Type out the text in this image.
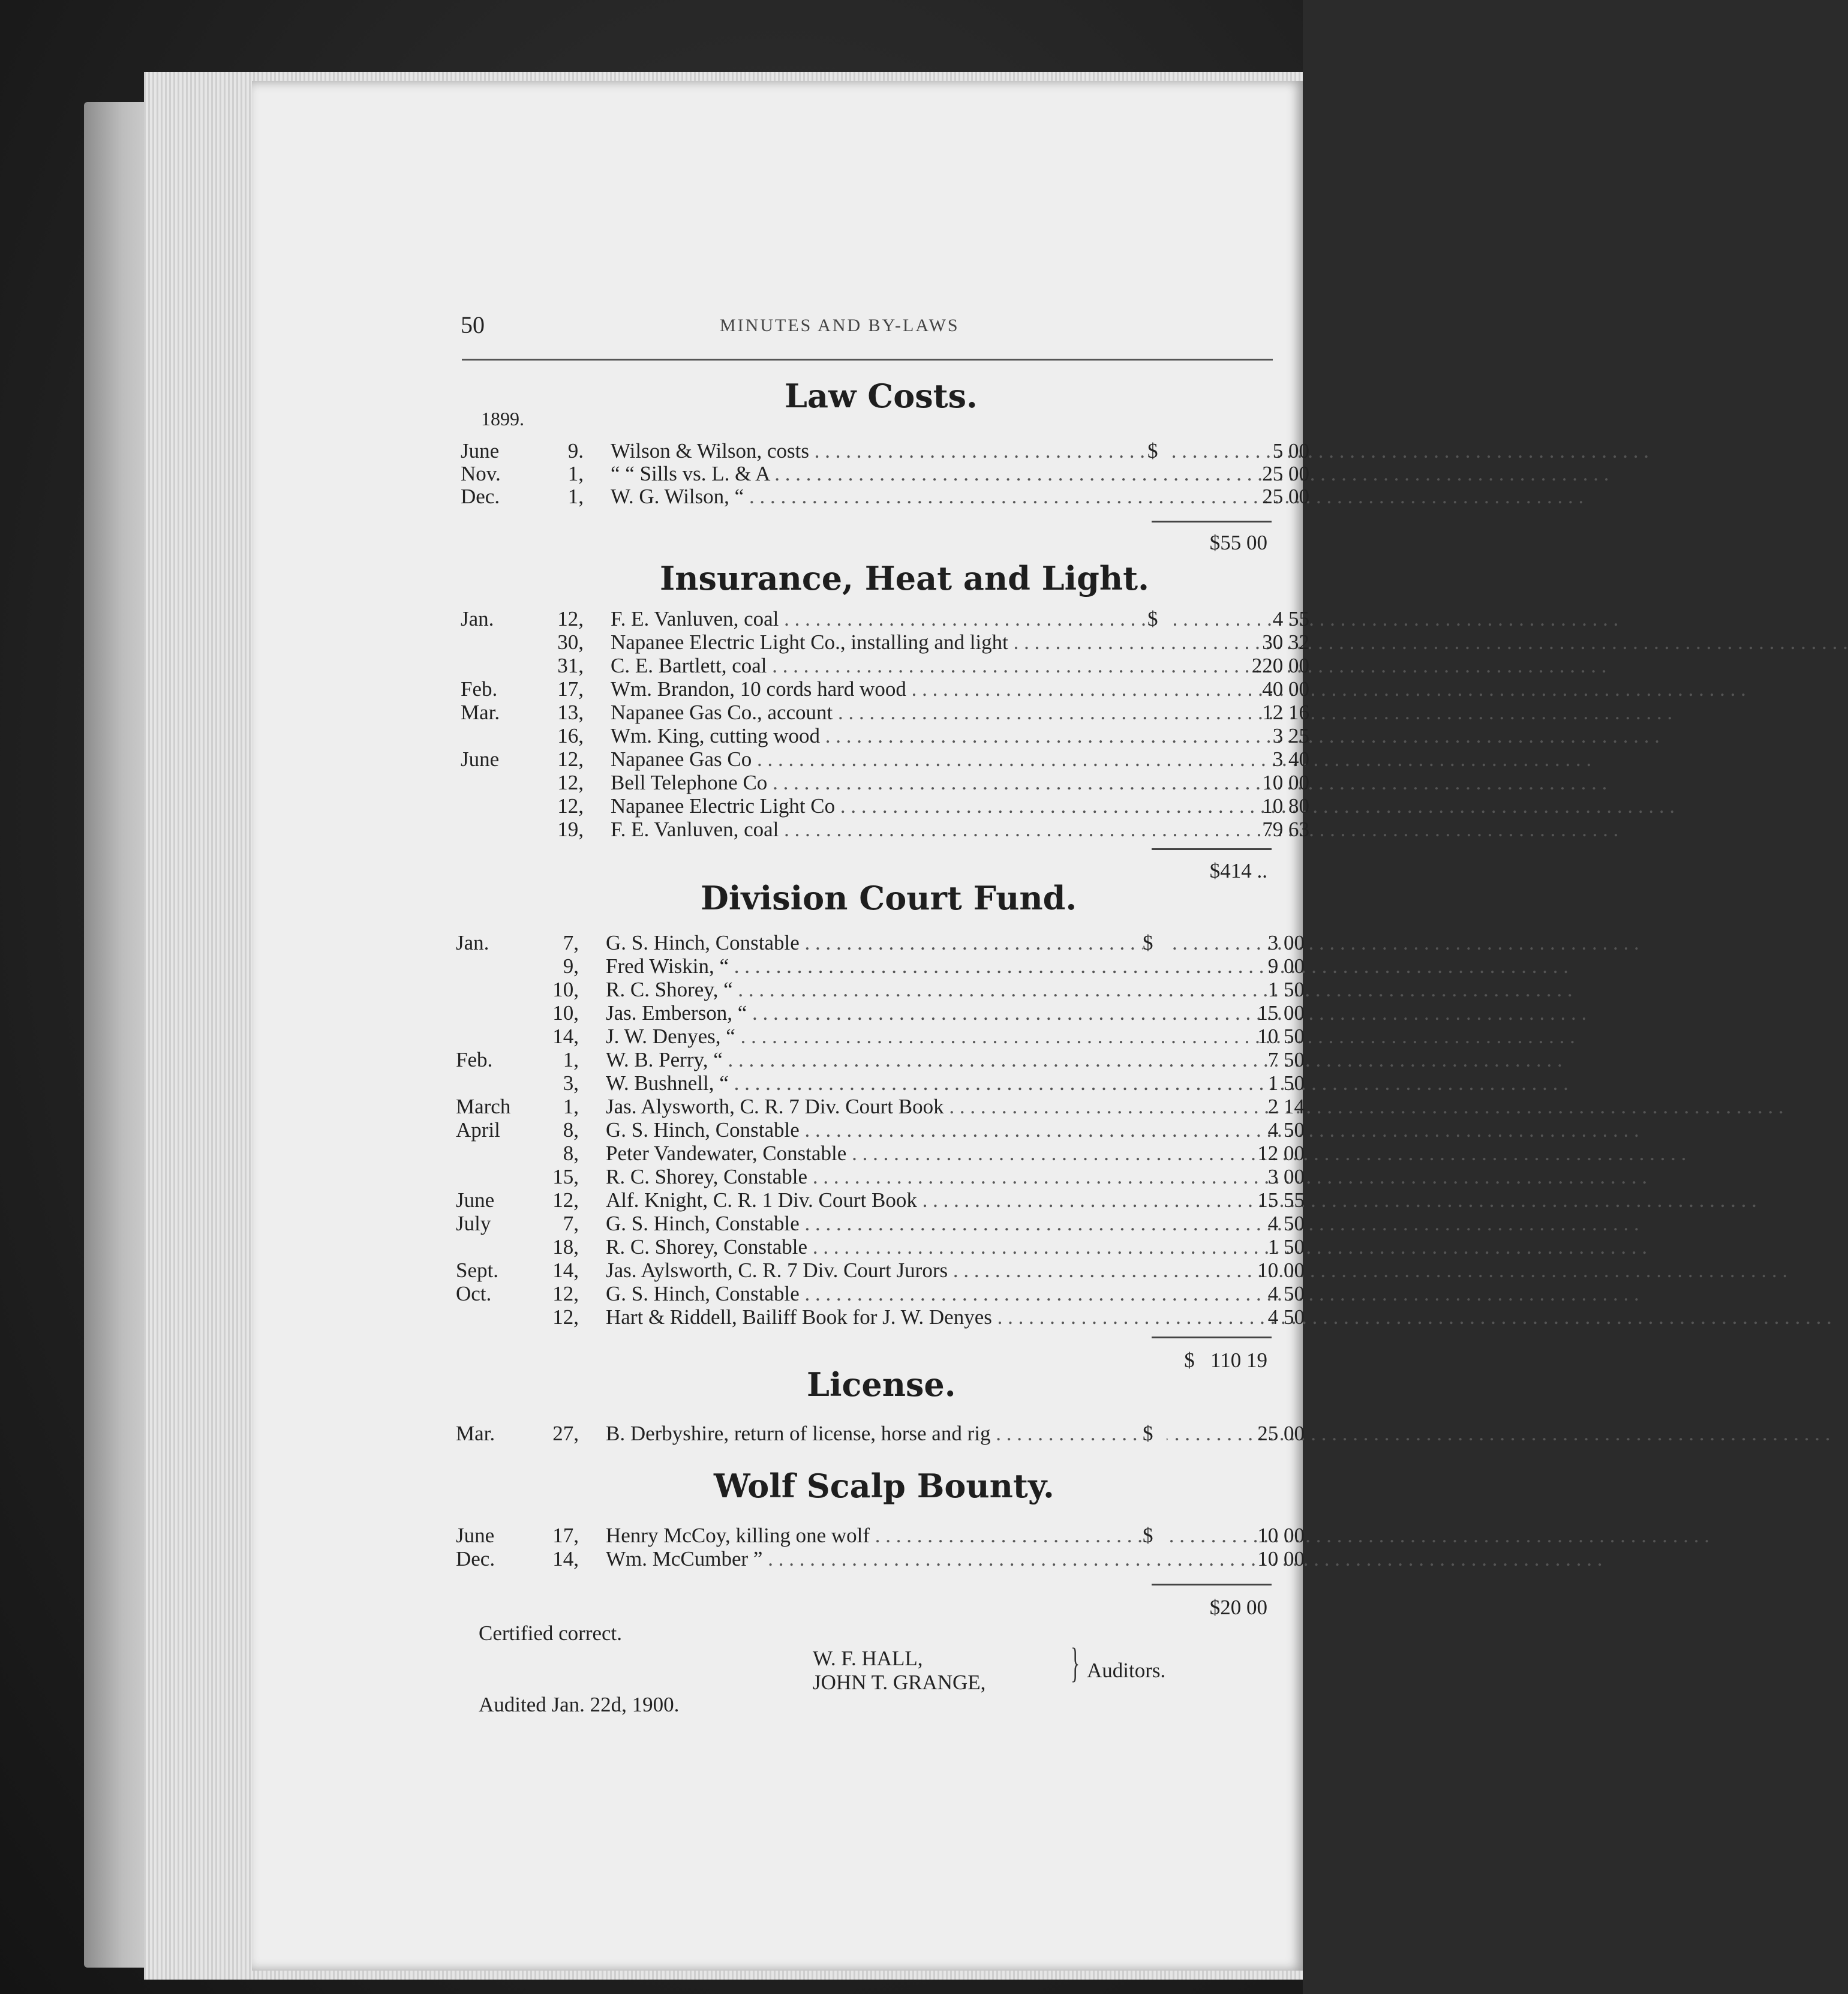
50	MINUTES AND BY-LAWS
Law Costs.
1899.
June	9. Wilson & Wilson, costs . . .	$	5 00
Nov.	1, “ “ Sills vs. L. & A . . .	25 00
Dec.	1, W. G. Wilson, “ . . .	25 00
$55 00
Insurance, Heat and Light.
Jan.	12, F. E. Vanluven, coal . . .	$	4 55
30, Napanee Electric Light Co., installing and light . . .	30 32
31, C. E. Bartlett, coal . . .	220 00
Feb.	17, Wm. Brandon, 10 cords hard wood . . .	40 00
Mar.	13, Napanee Gas Co., account . . .	12 16
16, Wm. King, cutting wood . . .	3 25
June	12, Napanee Gas Co . . .	3 40
12, Bell Telephone Co . . .	10 00
12, Napanee Electric Light Co . . .	10 80
19, F. E. Vanluven, coal . . .	79 63
$414 ..
Division Court Fund.
Jan.	7, G. S. Hinch, Constable . . .	$	3 00
9, Fred Wiskin, “ . . .	9 00
10, R. C. Shorey, “ . . .	1 50
10, Jas. Emberson, “ . . .	15 00
14, J. W. Denyes, “ . . .	10 50
Feb.	1, W. B. Perry, “ . . .	7 50
3, W. Bushnell, “ . . .	1 50
March	1, Jas. Alysworth, C. R. 7 Div. Court Book . . .	2 14
April	8, G. S. Hinch, Constable . . .	4 50
8, Peter Vandewater, Constable . . .	12 00
15, R. C. Shorey, Constable . . .	3 00
June	12, Alf. Knight, C. R. 1 Div. Court Book . . .	15 55
July	7, G. S. Hinch, Constable . . .	4 50
18, R. C. Shorey, Constable . . .	1 50
Sept.	14, Jas. Aylsworth, C. R. 7 Div. Court Jurors . . .	10 00
Oct.	12, G. S. Hinch, Constable . . .	4 50
12, Hart & Riddell, Bailiff Book for J. W. Denyes . . .	4 50
$   110 19
License.
Mar.	27, B. Derbyshire, return of license, horse and rig . . .	$	25 00
Wolf Scalp Bounty.
June	17, Henry McCoy, killing one wolf . . .	$	10 00
Dec.	14, Wm. McCumber ” . . .	10 00
$20 00
Certified correct.
W. F. HALL,
JOHN T. GRANGE, } Auditors.
Audited Jan. 22d, 1900.
